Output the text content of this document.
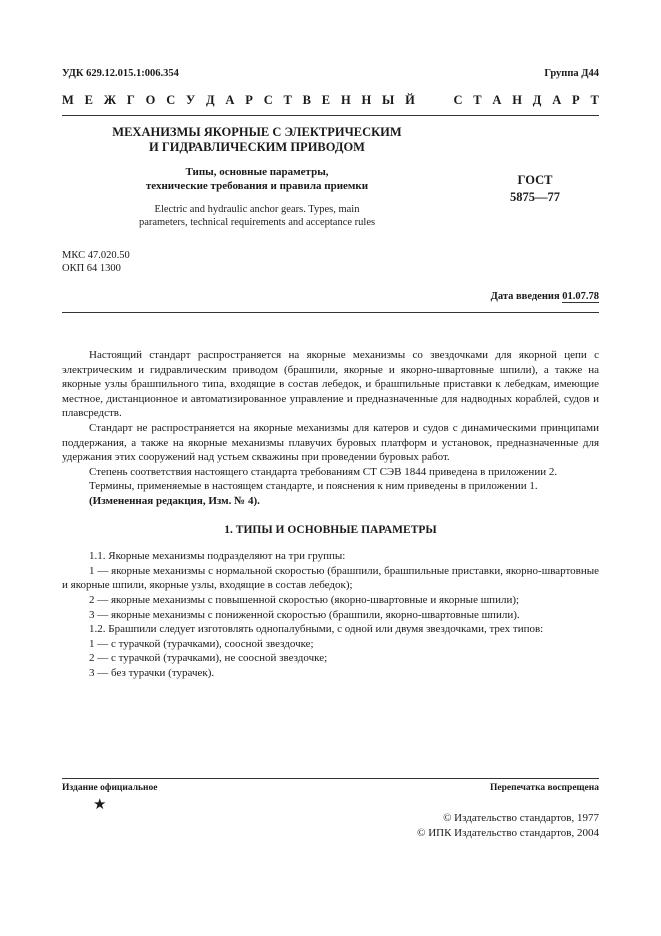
УДК 629.12.015.1:006.354	Группа Д44
М Е Ж Г О С У Д А Р С Т В Е Н Н Ы Й

	С Т А Н Д А Р Т

МЕХАНИЗМЫ ЯКОРНЫЕ С ЭЛЕКТРИЧЕСКИМ
И ГИДРАВЛИЧЕСКИМ ПРИВОДОМ

Типы, основные параметры,
технические требования и правила приемки
Electric and hydraulic anchor gears. Types, main
parameters, technical requirements and acceptance rules
ГОСТ
5875—77
МКС 47.020.50
ОКП 64 1300
Дата введения 01.07.78

Настоящий стандарт распространяется на якорные механизмы со звездочками для якорной цепи с электрическим и гидравлическим приводом (брашпили, якорные и якорно-швартовные шпили), а также на якорные узлы брашпильного типа, входящие в состав лебедок, и брашпильные приставки к лебедкам, имеющие местное, дистанционное и автоматизированное управление и предназначенные для надводных кораблей, судов и плавсредств.

Стандарт не распространяется на якорные механизмы для катеров и судов с динамическими принципами поддержания, а также на якорные механизмы плавучих буровых платформ и установок, предназначенные для удержания этих сооружений над устьем скважины при проведении буровых работ.

Степень соответствия настоящего стандарта требованиям СТ СЭВ 1844 приведена в приложении 2.

Термины, применяемые в настоящем стандарте, и пояснения к ним приведены в приложении 1.

(Измененная редакция, Изм. № 4).

1. ТИПЫ И ОСНОВНЫЕ ПАРАМЕТРЫ

1.1. Якорные механизмы подразделяют на три группы:

1 — якорные механизмы с нормальной скоростью (брашпили, брашпильные приставки, якорно-швартовные и якорные шпили, якорные узлы, входящие в состав лебедок);

2 — якорные механизмы с повышенной скоростью (якорно-швартовные и якорные шпили);

3 — якорные механизмы с пониженной скоростью (брашпили, якорно-швартовные шпили).

1.2. Брашпили следует изготовлять однопалубными, с одной или двумя звездочками, трех типов:

1 — с турачкой (турачками), соосной звездочке;

2 — с турачкой (турачками), не соосной звездочке;

3 — без турачки (турачек).

Издание официальное	Перепечатка воспрещена
★
© Издательство стандартов, 1977
© ИПК Издательство стандартов, 2004
